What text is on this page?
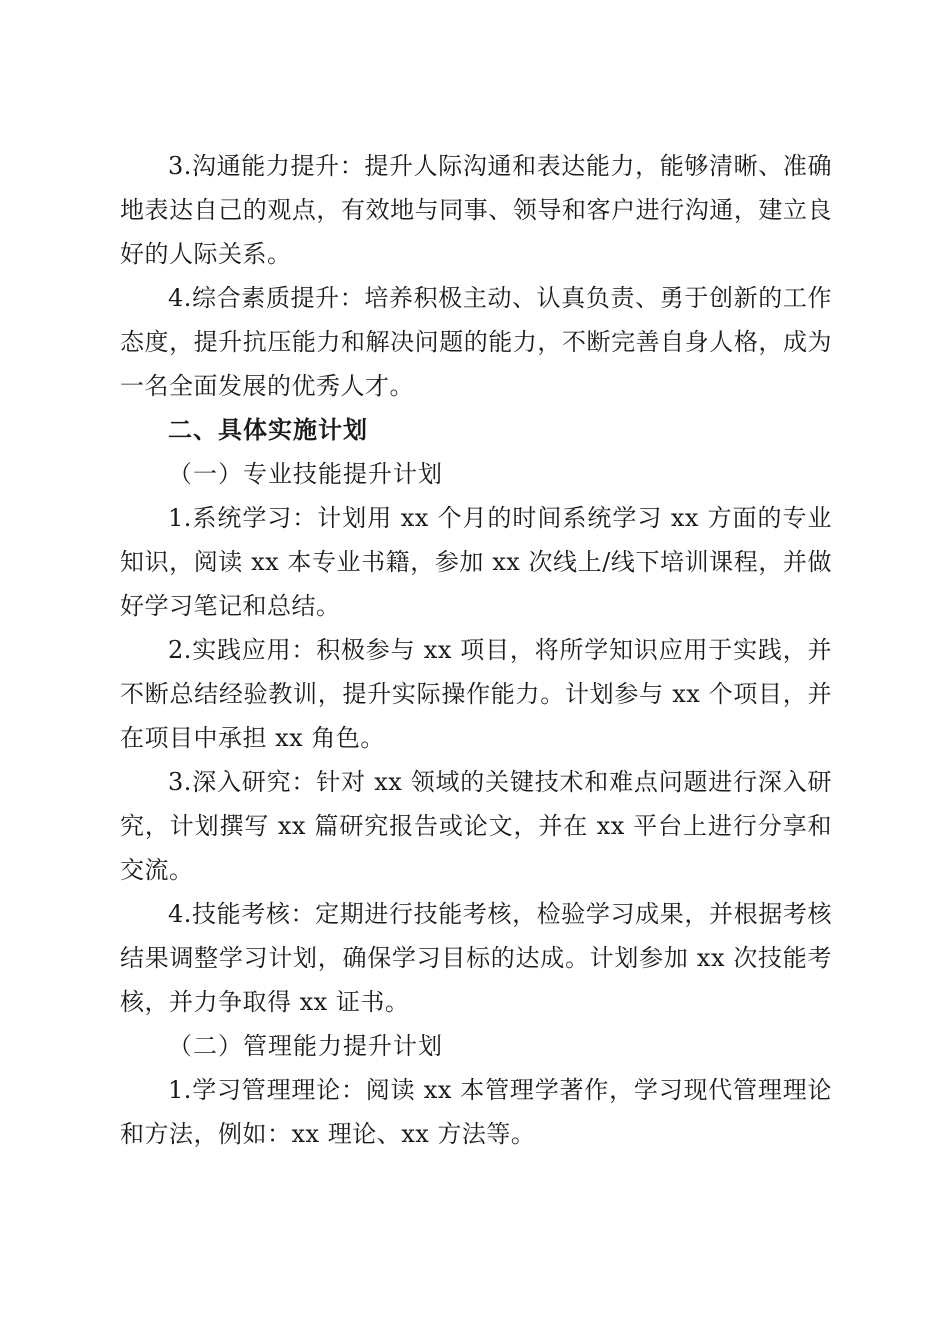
3.沟通能力提升：提升人际沟通和表达能力，能够清晰、准确地表达自己的观点，有效地与同事、领导和客户进行沟通，建立良好的人际关系。

4.综合素质提升：培养积极主动、认真负责、勇于创新的工作态度，提升抗压能力和解决问题的能力，不断完善自身人格，成为一名全面发展的优秀人才。

二、具体实施计划

（一）专业技能提升计划

1.系统学习：计划用 xx 个月的时间系统学习 xx 方面的专业知识，阅读 xx 本专业书籍，参加 xx 次线上/线下培训课程，并做好学习笔记和总结。

2.实践应用：积极参与 xx 项目，将所学知识应用于实践，并不断总结经验教训，提升实际操作能力。计划参与 xx 个项目，并在项目中承担 xx 角色。

3.深入研究：针对 xx 领域的关键技术和难点问题进行深入研究，计划撰写 xx 篇研究报告或论文，并在 xx 平台上进行分享和交流。

4.技能考核：定期进行技能考核，检验学习成果，并根据考核结果调整学习计划，确保学习目标的达成。计划参加 xx 次技能考核，并力争取得 xx 证书。

（二）管理能力提升计划

1.学习管理理论：阅读 xx 本管理学著作，学习现代管理理论和方法，例如：xx 理论、xx 方法等。
